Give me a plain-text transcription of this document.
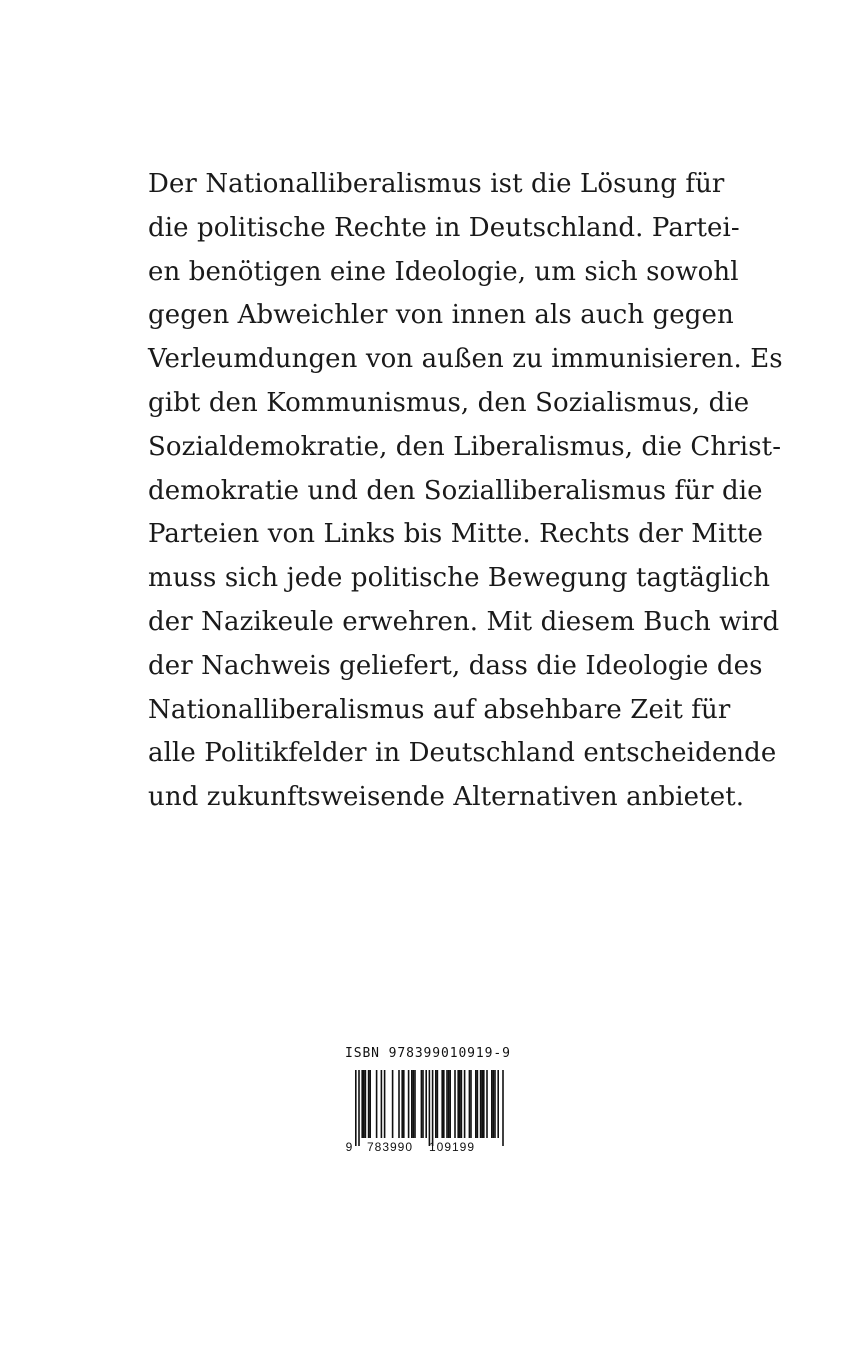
Der Nationalliberalismus ist die Lösung für
die politische Rechte in Deutschland. Partei-
en benötigen eine Ideologie, um sich sowohl
gegen Abweichler von innen als auch gegen
Verleumdungen von außen zu immunisieren. Es
gibt den Kommunismus, den Sozialismus, die
Sozialdemokratie, den Liberalismus, die Christ-
demokratie und den Sozialliberalismus für die
Parteien von Links bis Mitte. Rechts der Mitte
muss sich jede politische Bewegung tagtäglich
der Nazikeule erwehren. Mit diesem Buch wird
der Nachweis geliefert, dass die Ideologie des
Nationalliberalismus auf absehbare Zeit für
alle Politikfelder in Deutschland entscheidende
und zukunftsweisende Alternativen anbietet.
ISBN 978399010919-9
9 783990 109199
